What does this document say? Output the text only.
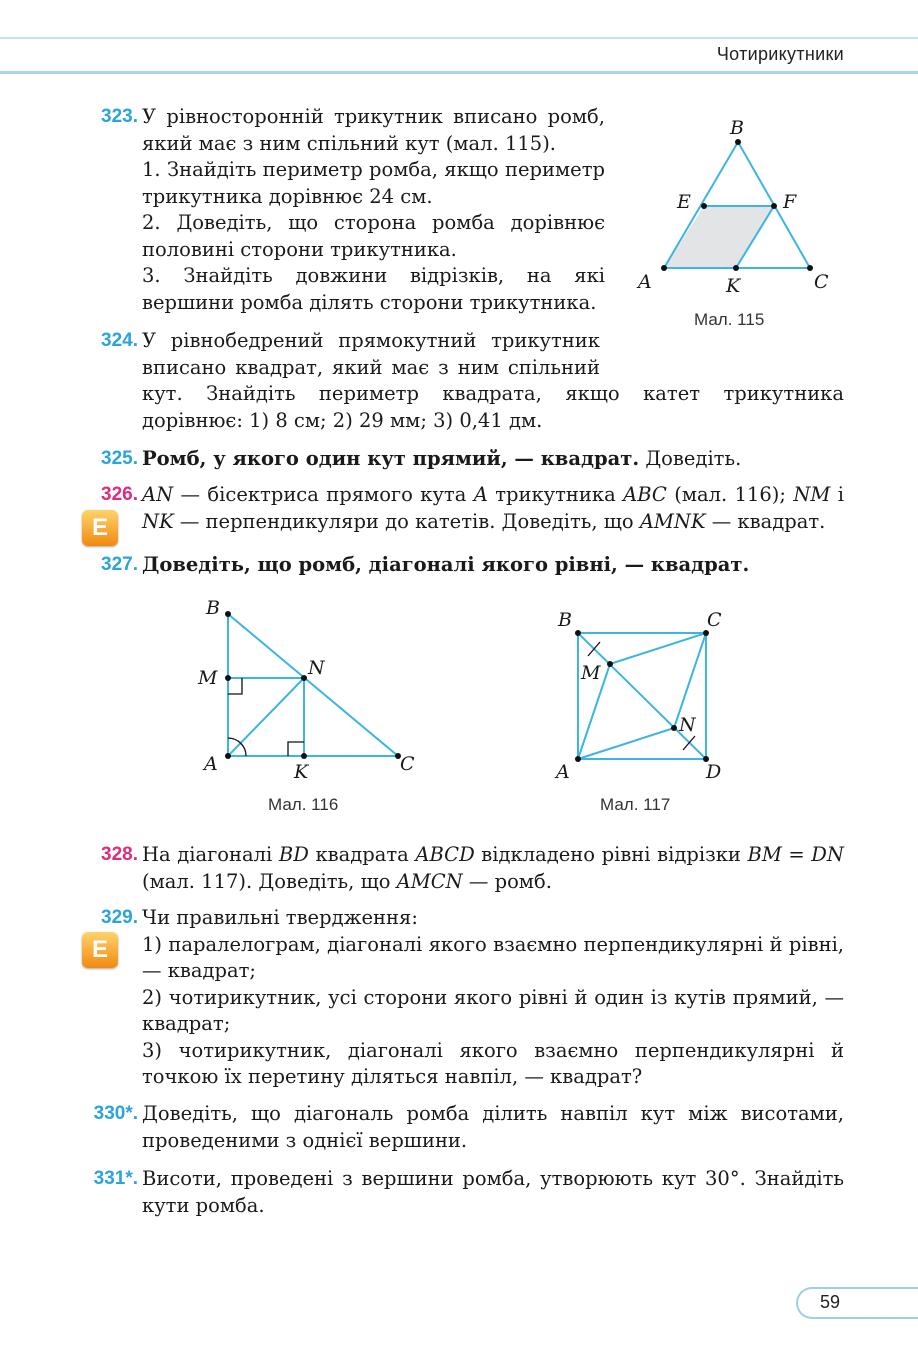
Чотирикутники
323. У рівносторонній трикутник вписано ромб, який має з ним спільний кут (мал. 115).

1. Знайдіть периметр ромба, якщо периметр трикутника дорівнює 24 см.

2. Доведіть, що сторона ромба дорівнює половині сторони трикутника.

3. Знайдіть довжини відрізків, на які вершини ромба ділять сторони трикутника.

B
E	F
A	K	C
Мал. 115
324. У рівнобедрений прямокутний трикутник вписано квадрат, який має з ним спільний кут. Знайдіть периметр квадрата, якщо катет трикутника дорівнює: 1) 8 см; 2) 29 мм; 3) 0,41 дм.
325. Ромб, у якого один кут прямий, — квадрат. Доведіть.
326. AN — бісектриса прямого кута A трикутника ABC (мал. 116); NM і NK — перпендикуляри до катетів. Доведіть, що AMNK — квадрат.
E
327. Доведіть, що ромб, діагоналі якого рівні, — квадрат.
B
M	N
A	K	C
Мал. 116
B	C
M
N
A	D
Мал. 117
328. На діагоналі BD квадрата ABCD відкладено рівні відрізки BM = DN (мал. 117). Доведіть, що AMCN — ромб.
329. Чи правильні твердження:

1) паралелограм, діагоналі якого взаємно перпендикулярні й рівні, — квадрат;

2) чотирикутник, усі сторони якого рівні й один із кутів прямий, — квадрат;

3) чотирикутник, діагоналі якого взаємно перпендикулярні й точкою їх перетину діляться навпіл, — квадрат?

E
330*. Доведіть, що діагональ ромба ділить навпіл кут між висотами, проведеними з однієї вершини.
331*. Висоти, проведені з вершини ромба, утворюють кут 30°. Знайдіть кути ромба.
59
